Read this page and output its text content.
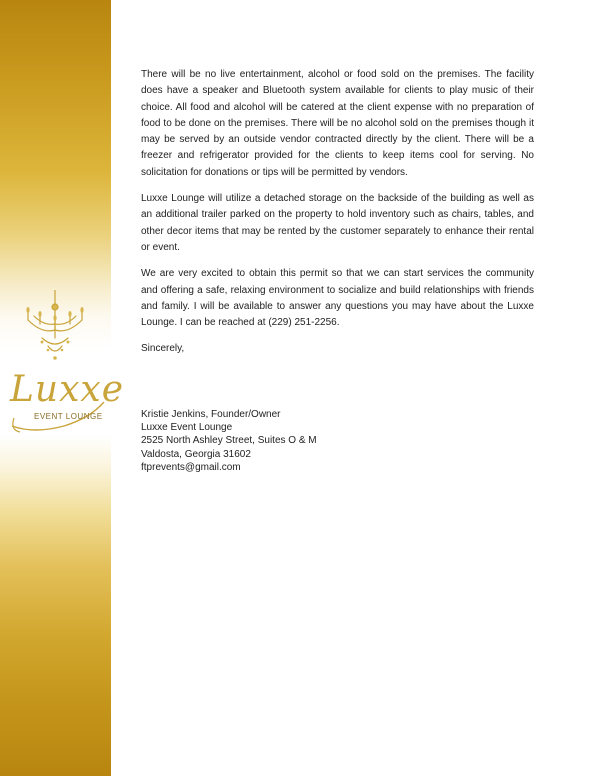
Luxxe
EVENT LOUNGE

There will be no live entertainment, alcohol or food sold on the premises. The facility does have a speaker and Bluetooth system available for clients to play music of their choice. All food and alcohol will be catered at the client expense with no preparation of food to be done on the premises. There will be no alcohol sold on the premises though it may be served by an outside vendor contracted directly by the client. There will be a freezer and refrigerator provided for the clients to keep items cool for serving. No solicitation for donations or tips will be permitted by vendors.

Luxxe Lounge will utilize a detached storage on the backside of the building as well as an additional trailer parked on the property to hold inventory such as chairs, tables, and other decor items that may be rented by the customer separately to enhance their rental or event.

We are very excited to obtain this permit so that we can start services the community and offering a safe, relaxing environment to socialize and build relationships with friends and family. I will be available to answer any questions you may have about the Luxxe Lounge. I can be reached at (229) 251-2256.

Sincerely,

Kristie Jenkins, Founder/Owner
Luxxe Event Lounge
2525 North Ashley Street, Suites O & M
Valdosta, Georgia 31602
ftprevents@gmail.com
